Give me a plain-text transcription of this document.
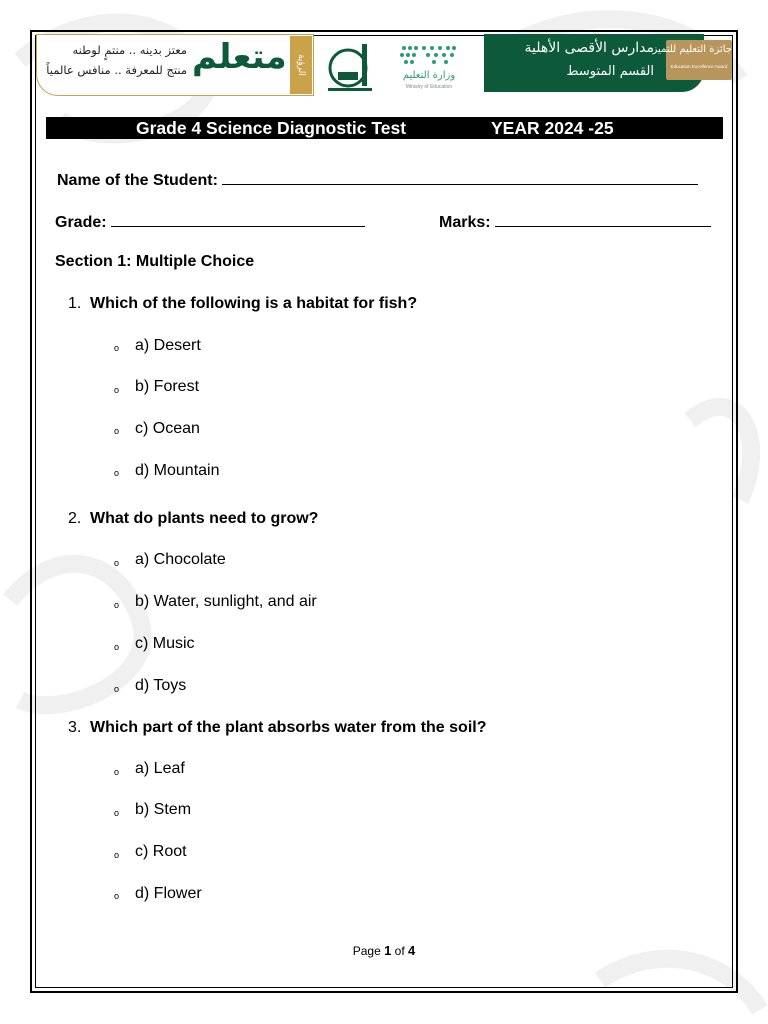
معتز بدينه .. منتمٍ لوطنه
منتج للمعرفة .. منافس عالمياً متعلم	الرؤية	وزارة التعليم
Ministry of Education
مدارس الأقصى الأهلية
القسم المتوسط
جائزة التعليم للتميز
Education Excellence Award
Grade 4 Science Diagnostic Test	YEAR 2024 -25
Name of the Student:
Grade:	Marks:
Section 1: Multiple Choice
1. Which of the following is a habitat for fish?
o a) Desert
o b) Forest
o c) Ocean
o d) Mountain
2. What do plants need to grow?
o a) Chocolate
o b) Water, sunlight, and air
o c) Music
o d) Toys
3. Which part of the plant absorbs water from the soil?
o a) Leaf
o b) Stem
o c) Root
o d) Flower
Page 1 of 4
